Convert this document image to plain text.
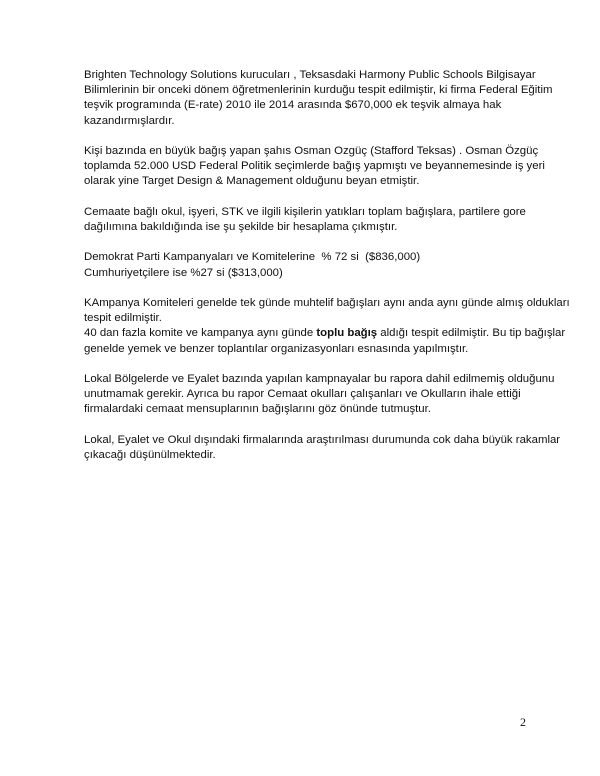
Brighten Technology Solutions kurucuları , Teksasdaki Harmony Public Schools Bilgisayar
Bilimlerinin bir onceki dönem öğretmenlerinin kurduğu tespit edilmiştir, ki firma Federal Eğitim
teşvik programında (E-rate) 2010 ile 2014 arasında $670,000 ek teşvik almaya hak
kazandırmışlardır.

Kişi bazında en büyük bağış yapan şahıs Osman Ozgüç (Stafford Teksas) . Osman Özgüç
toplamda 52.000 USD Federal Politik seçimlerde bağış yapmıştı ve beyannemesinde iş yeri
olarak yine Target Design & Management olduğunu beyan etmiştir.

Cemaate bağlı okul, işyeri, STK ve ilgili kişilerin yatıkları toplam bağışlara, partilere gore
dağılımına bakıldığında ise şu şekilde bir hesaplama çıkmıştır.

Demokrat Parti Kampanyaları ve Komitelerine  % 72 si  ($836,000)
Cumhuriyetçilere ise %27 si ($313,000)

KAmpanya Komiteleri genelde tek günde muhtelif bağışları aynı anda aynı günde almış oldukları
tespit edilmiştir.
40 dan fazla komite ve kampanya aynı günde toplu bağış aldığı tespit edilmiştir. Bu tip bağışlar
genelde yemek ve benzer toplantılar organizasyonları esnasında yapılmıştır.

Lokal Bölgelerde ve Eyalet bazında yapılan kampnayalar bu rapora dahil edilmemiş olduğunu
unutmamak gerekir. Ayrıca bu rapor Cemaat okulları çalışanları ve Okulların ihale ettiği
firmalardaki cemaat mensuplarının bağışlarını göz önünde tutmuştur.

Lokal, Eyalet ve Okul dışındaki firmalarında araştırılması durumunda cok daha büyük rakamlar
çıkacağı düşünülmektedir.

2
